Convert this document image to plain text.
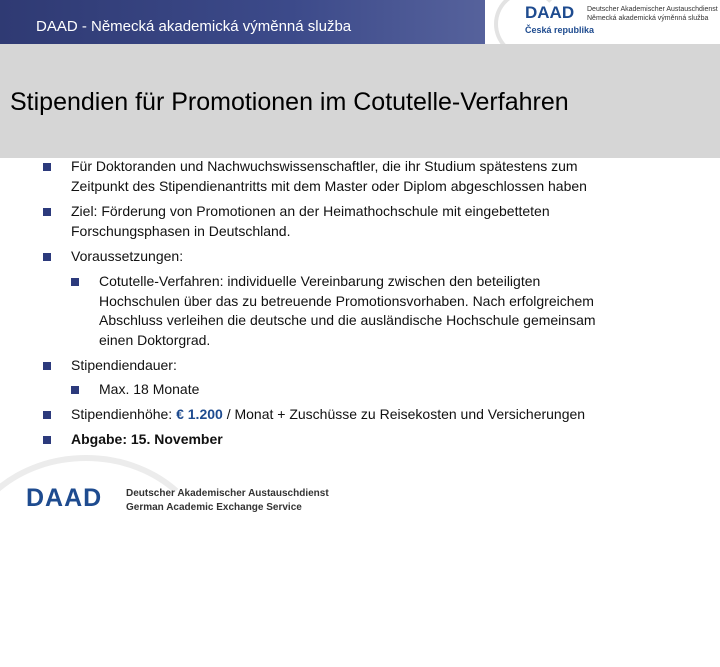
DAAD - Německá akademická výměnná služba
DAAD
Česká republika
Deutscher Akademischer Austauschdienst
Německá akademická výměnná služba
Stipendien für Promotionen im Cotutelle-Verfahren
Für Doktoranden und Nachwuchswissenschaftler, die ihr Studium spätestens zum
Zeitpunkt des Stipendienantritts mit dem Master oder Diplom abgeschlossen haben
Ziel: Förderung von Promotionen an der Heimathochschule mit eingebetteten
Forschungsphasen in Deutschland.
Voraussetzungen:
Cotutelle-Verfahren: individuelle Vereinbarung zwischen den beteiligten
Hochschulen über das zu betreuende Promotionsvorhaben. Nach erfolgreichem
Abschluss verleihen die deutsche und die ausländische Hochschule gemeinsam
einen Doktorgrad.
Stipendiendauer:
Max. 18 Monate
Stipendienhöhe: € 1.200 / Monat + Zuschüsse zu Reisekosten und Versicherungen
Abgabe: 15. November
DAAD Deutscher Akademischer Austauschdienst
German Academic Exchange Service
